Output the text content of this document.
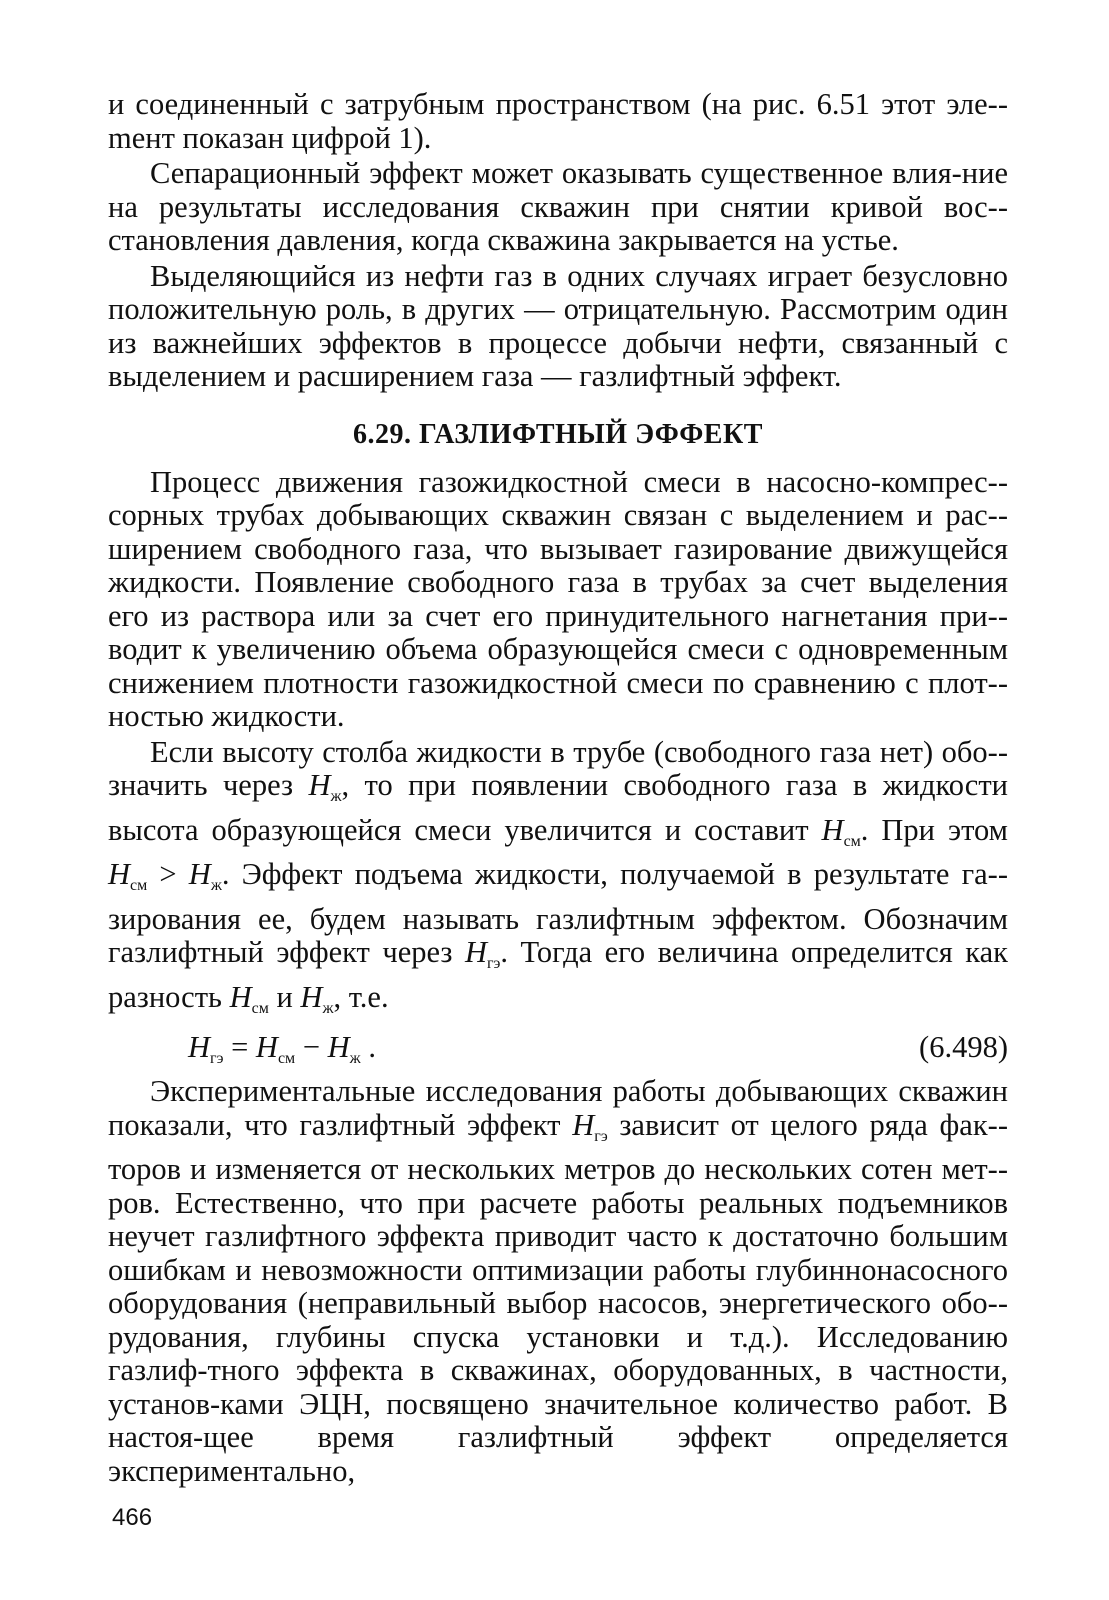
и соединенный с затрубным пространством (на рис. 6.51 этот эле-mент показан цифрой 1).

Сепарационный эффект может оказывать существенное влия-ние на результаты исследования скважин при снятии кривой вос-становления давления, когда скважина закрывается на устье.

Выделяющийся из нефти газ в одних случаях играет безусловно положительную роль, в других — отрицательную. Рассмотрим один из важнейших эффектов в процессе добычи нефти, связанный с выделением и расширением газа — газлифтный эффект.

6.29. ГАЗЛИФТНЫЙ ЭФФЕКТ

Процесс движения газожидкостной смеси в насосно-компрес-сорных трубах добывающих скважин связан с выделением и рас-ширением свободного газа, что вызывает газирование движущейся жидкости. Появление свободного газа в трубах за счет выделения его из раствора или за счет его принудительного нагнетания при-водит к увеличению объема образующейся смеси с одновременным снижением плотности газожидкостной смеси по сравнению с плот-ностью жидкости.

Если высоту столба жидкости в трубе (свободного газа нет) обо-значить через $H_ж$, то при появлении свободного газа в жидкости высота образующейся смеси увеличится и составит $H_{см}$. При этом $H_{см} > H_ж$. Эффект подъема жидкости, получаемой в результате га-зирования ее, будем называть газлифтным эффектом. Обозначим газлифтный эффект через $H_{гэ}$. Тогда его величина определится как разность $H_{см}$ и $H_ж$, т.е.

$H_{гэ} = H_{см} - H_ж$ .	(6.498)

Экспериментальные исследования работы добывающих скважин показали, что газлифтный эффект $H_{гэ}$ зависит от целого ряда фак-торов и изменяется от нескольких метров до нескольких сотен мет-ров. Естественно, что при расчете работы реальных подъемников неучет газлифтного эффекта приводит часто к достаточно большим ошибкам и невозможности оптимизации работы глубиннонасосного оборудования (неправильный выбор насосов, энергетического обо-рудования, глубины спуска установки и т.д.). Исследованию газлиф-тного эффекта в скважинах, оборудованных, в частности, установ-ками ЭЦН, посвящено значительное количество работ. В настоя-щее время газлифтный эффект определяется экспериментально,

466
